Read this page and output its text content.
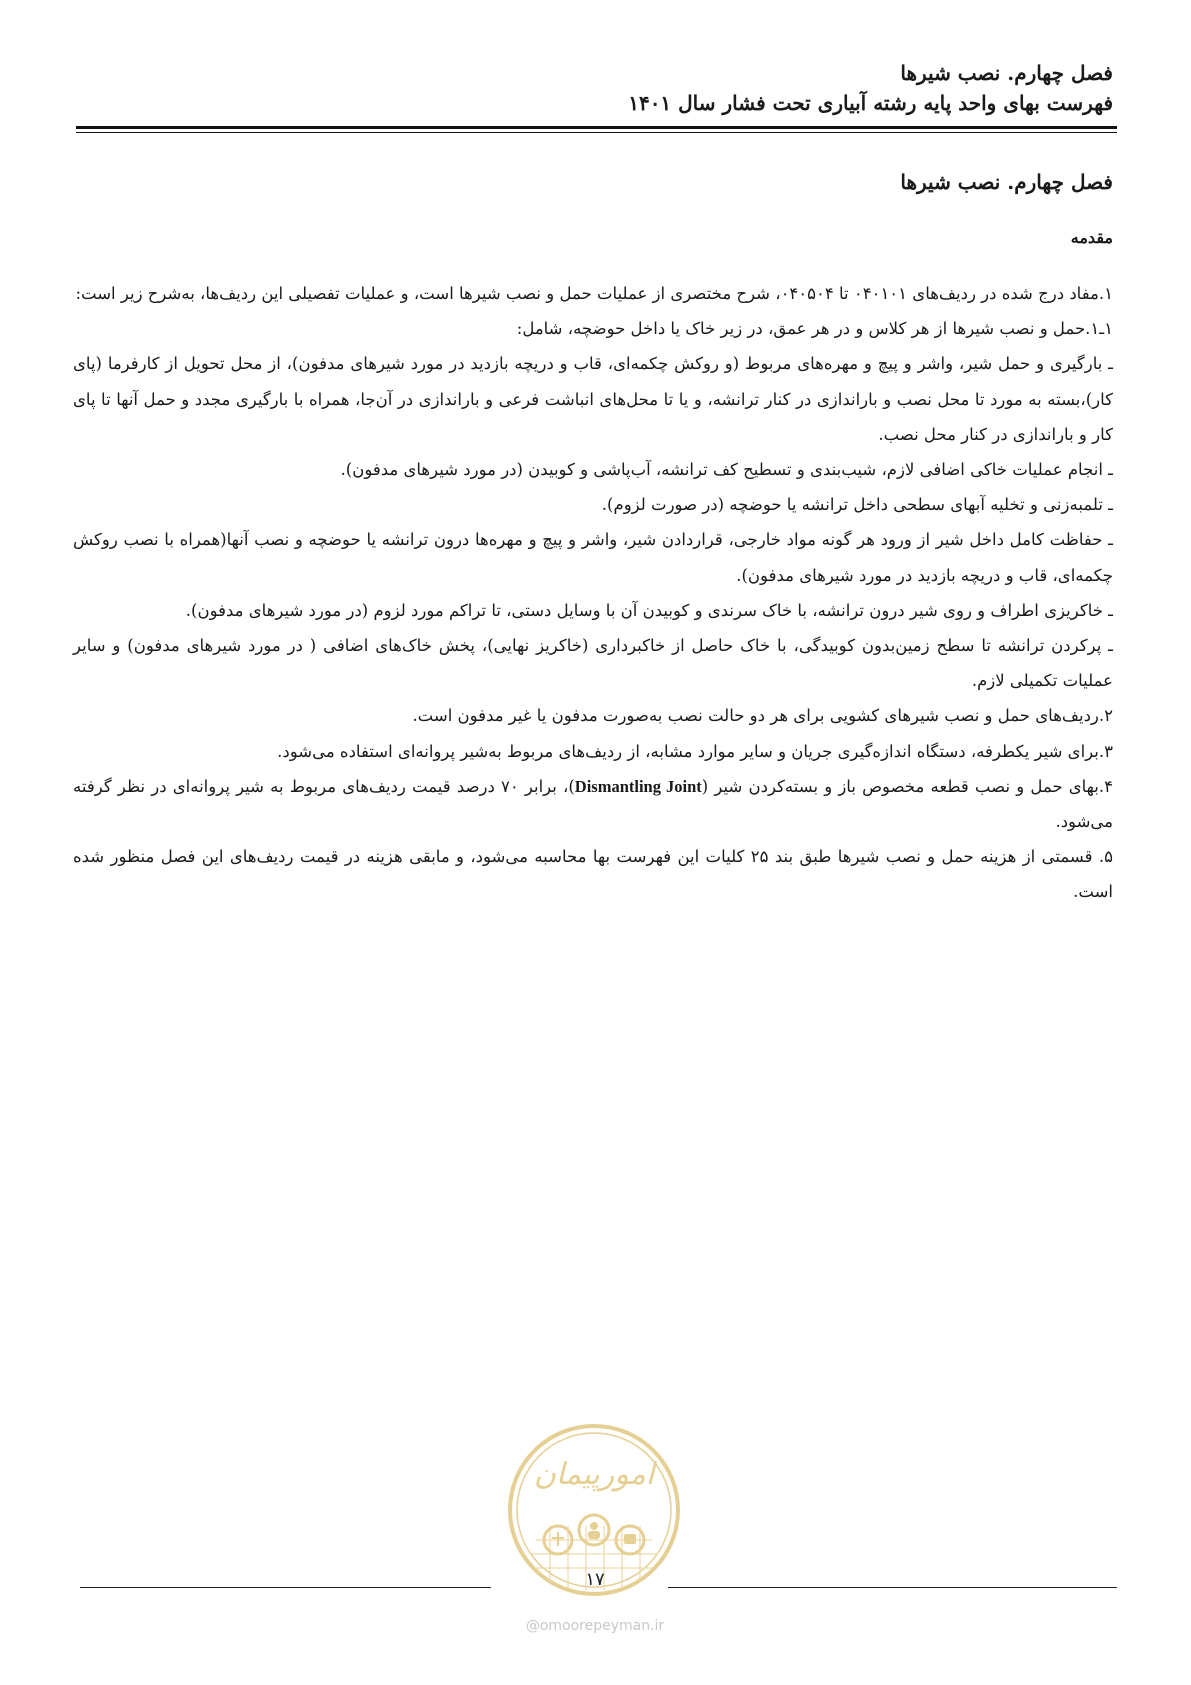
فصل چهارم. نصب شیرها
فهرست بهای واحد پایه رشته آبیاری تحت فشار سال ۱۴۰۱
فصل چهارم. نصب شیرها
مقدمه

۱.مفاد درج شده در ردیف‌های ۰۴۰۱۰۱ تا ۰۴۰۵۰۴، شرح مختصری از عملیات حمل و نصب شیرها است، و عملیات تفصیلی این ردیف‌ها، به‌شرح زیر است:

۱ـ۱.حمل و نصب شیرها از هر کلاس و در هر عمق، در زیر خاک یا داخل حوضچه، شامل:

ـ بارگیری و حمل شیر، واشر و پیچ و مهره‌های مربوط (و روکش چکمه‌ای، قاب و دریچه بازدید در مورد شیرهای مدفون)، از محل تحویل از کارفرما (پای کار)،بسته به مورد تا محل نصب و باراندازی در کنار ترانشه، و یا تا محل‌های انباشت فرعی و باراندازی در آن‌جا، همراه با بارگیری مجدد و حمل آنها تا پای کار و باراندازی در کنار محل نصب.

ـ انجام عملیات خاکی اضافی لازم، شیب‌بندی و تسطیح کف ترانشه، آب‌پاشی و کوبیدن (در مورد شیرهای مدفون).

ـ تلمبه‌زنی و تخلیه آبهای سطحی داخل ترانشه یا حوضچه (در صورت لزوم).

ـ حفاظت کامل داخل شیر از ورود هر گونه مواد خارجی، قراردادن شیر، واشر و پیچ و مهره‌ها درون ترانشه یا حوضچه و نصب آنها(همراه با نصب روکش چکمه‌ای، قاب و دریچه بازدید در مورد شیرهای مدفون).

ـ خاکریزی اطراف و روی شیر درون ترانشه، با خاک سرندی و کوبیدن آن با وسایل دستی، تا تراکم مورد لزوم (در مورد شیرهای مدفون).

ـ پرکردن ترانشه تا سطح زمین‌بدون کوبیدگی، با خاک حاصل از خاکبرداری (خاکریز نهایی)، پخش خاک‌های اضافی ( در مورد شیرهای مدفون) و سایر عملیات تکمیلی لازم.

۲.ردیف‌های حمل و نصب شیرهای کشویی برای هر دو حالت نصب به‌صورت مدفون یا غیر مدفون است.

۳.برای شیر یکطرفه، دستگاه اندازه‌گیری جریان و سایر موارد مشابه، از ردیف‌های مربوط به‌شیر پروانه‌ای استفاده می‌شود.

۴.بهای حمل و نصب قطعه مخصوص باز و بسته‌کردن شیر (Dismantling Joint)، برابر ۷۰ درصد قیمت ردیف‌های مربوط به شیر پروانه‌ای در نظر گرفته می‌شود.

۵. قسمتی از هزینه حمل و نصب شیرها طبق بند ۲۵ کلیات این فهرست بها محاسبه می‌شود، و مابقی هزینه در قیمت ردیف‌های این فصل منظور شده است.

امورپیمان
۱۷
@omoorepeyman.ir
